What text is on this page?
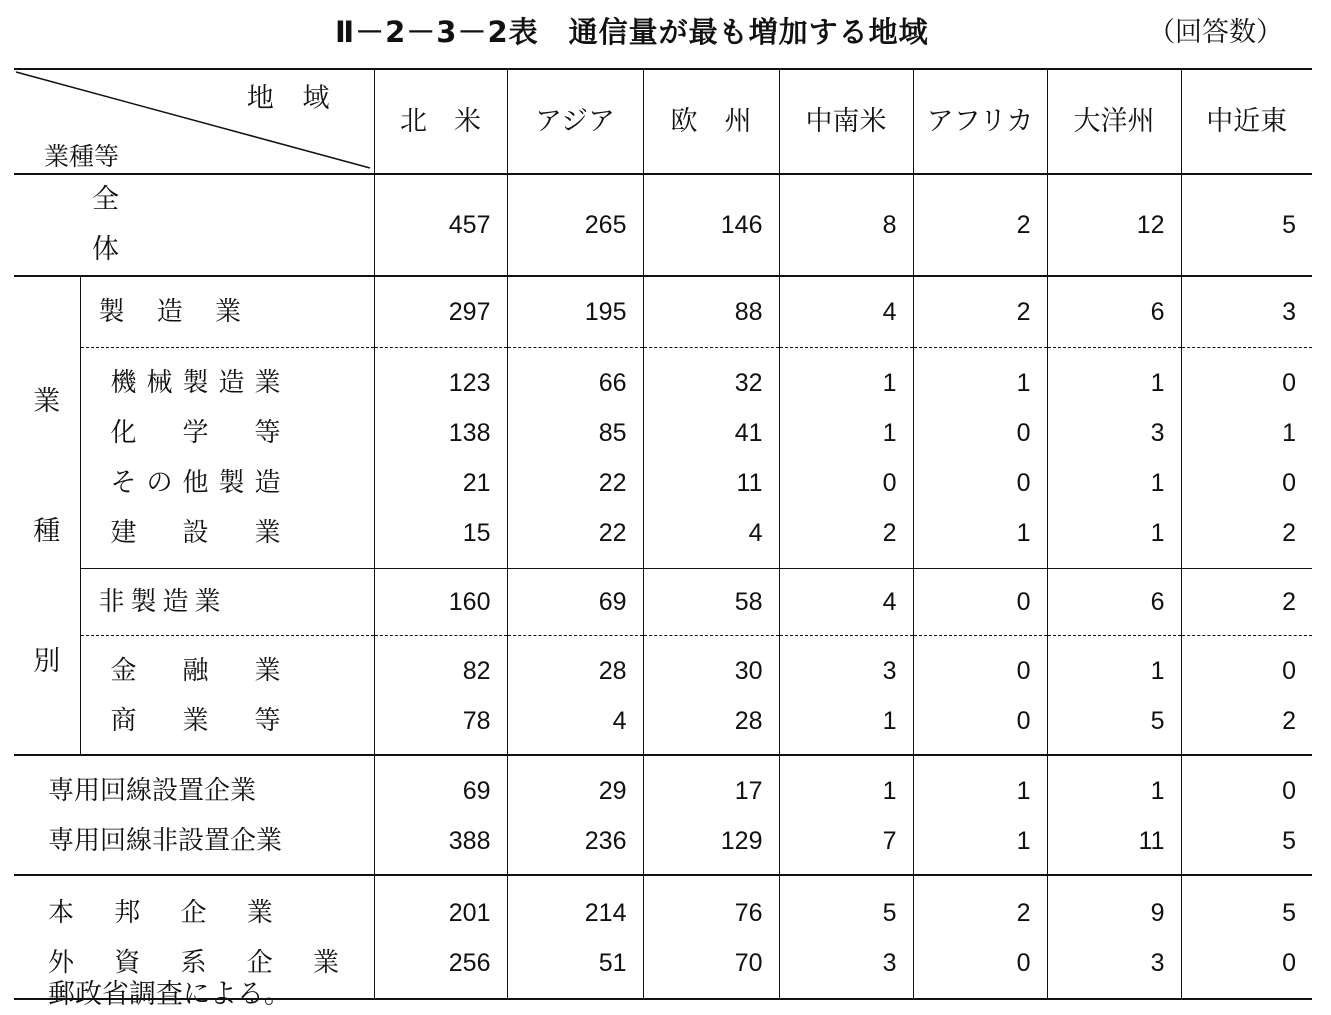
Ⅱ－2－3－2表　通信量が最も増加する地域	（回答数）
地 域
業種等		北　米	アジア	欧　州	中南米	アフリカ	大洋州	中近東
全　　体		457	265	146	8	2	12	5

業
種
別	製 造 業	297	195	88	4	2	6	3
	機械製造業	123	66	32	1	1	1	0
	化　学　等	138	85	41	1	0	3	1
	その他製造	21	22	11	0	0	1	0
	建　設　業	15	22	4	2	1	1	2
	非製造業	160	69	58	4	0	6	2
	金　融　業	82	28	30	3	0	1	0
	商　業　等	78	4	28	1	0	5	2

専用回線設置企業		69	29	17	1	1	1	0
専用回線非設置企業		388	236	129	7	1	11	5
本 邦 企 業		201	214	76	5	2	9	5
外 資 系 企 業		256	51	70	3	0	3	0
郵政省調査による。
